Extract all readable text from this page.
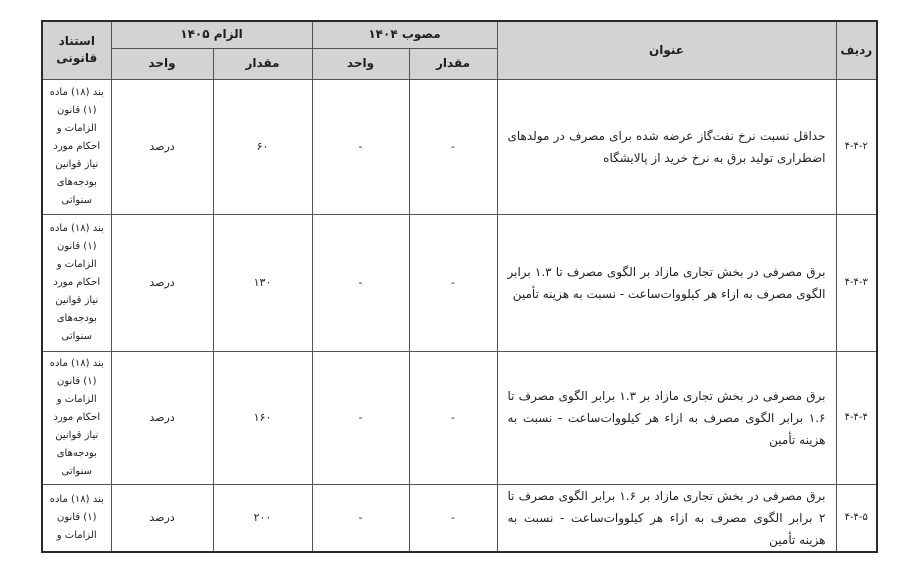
ردیف	عنوان	مصوب ۱۴۰۴		الزام ۱۴۰۵		استناد قانونی
		مقدار	واحد	مقدار	واحد	
۴-۴-۲	حداقل نسبت نرخ نفت‌گاز عرضه شده برای مصرف در مولدهای اضطراری تولید برق به نرخ خرید از پالایشگاه	-	-	۶۰	درصد	بند (۱۸) ماده (۱) قانون الزامات و احکام مورد نیاز قوانین بودجه‌های سنواتی

۴-۴-۳	برق مصرفی در بخش تجاری مازاد بر الگوی مصرف تا ۱.۳ برابر الگوی مصرف به ازاء هر کیلووات‌ساعت - نسبت به هزینه تأمین	-	-	۱۳۰	درصد	بند (۱۸) ماده (۱) قانون الزامات و احکام مورد نیاز قوانین بودجه‌های سنواتی

۴-۴-۴	برق مصرفی در بخش تجاری مازاد بر ۱.۳ برابر الگوی مصرف تا ۱.۶ برابر الگوی مصرف به ازاء هر کیلووات‌ساعت - نسبت به هزینه تأمین	-	-	۱۶۰	درصد	بند (۱۸) ماده (۱) قانون الزامات و احکام مورد نیاز قوانین بودجه‌های سنواتی

۴-۴-۵	برق مصرفی در بخش تجاری مازاد بر ۱.۶ برابر الگوی مصرف تا ۲ برابر الگوی مصرف به ازاء هر کیلووات‌ساعت - نسبت به هزینه تأمین	-	-	۲۰۰	درصد	بند (۱۸) ماده (۱) قانون الزامات و
